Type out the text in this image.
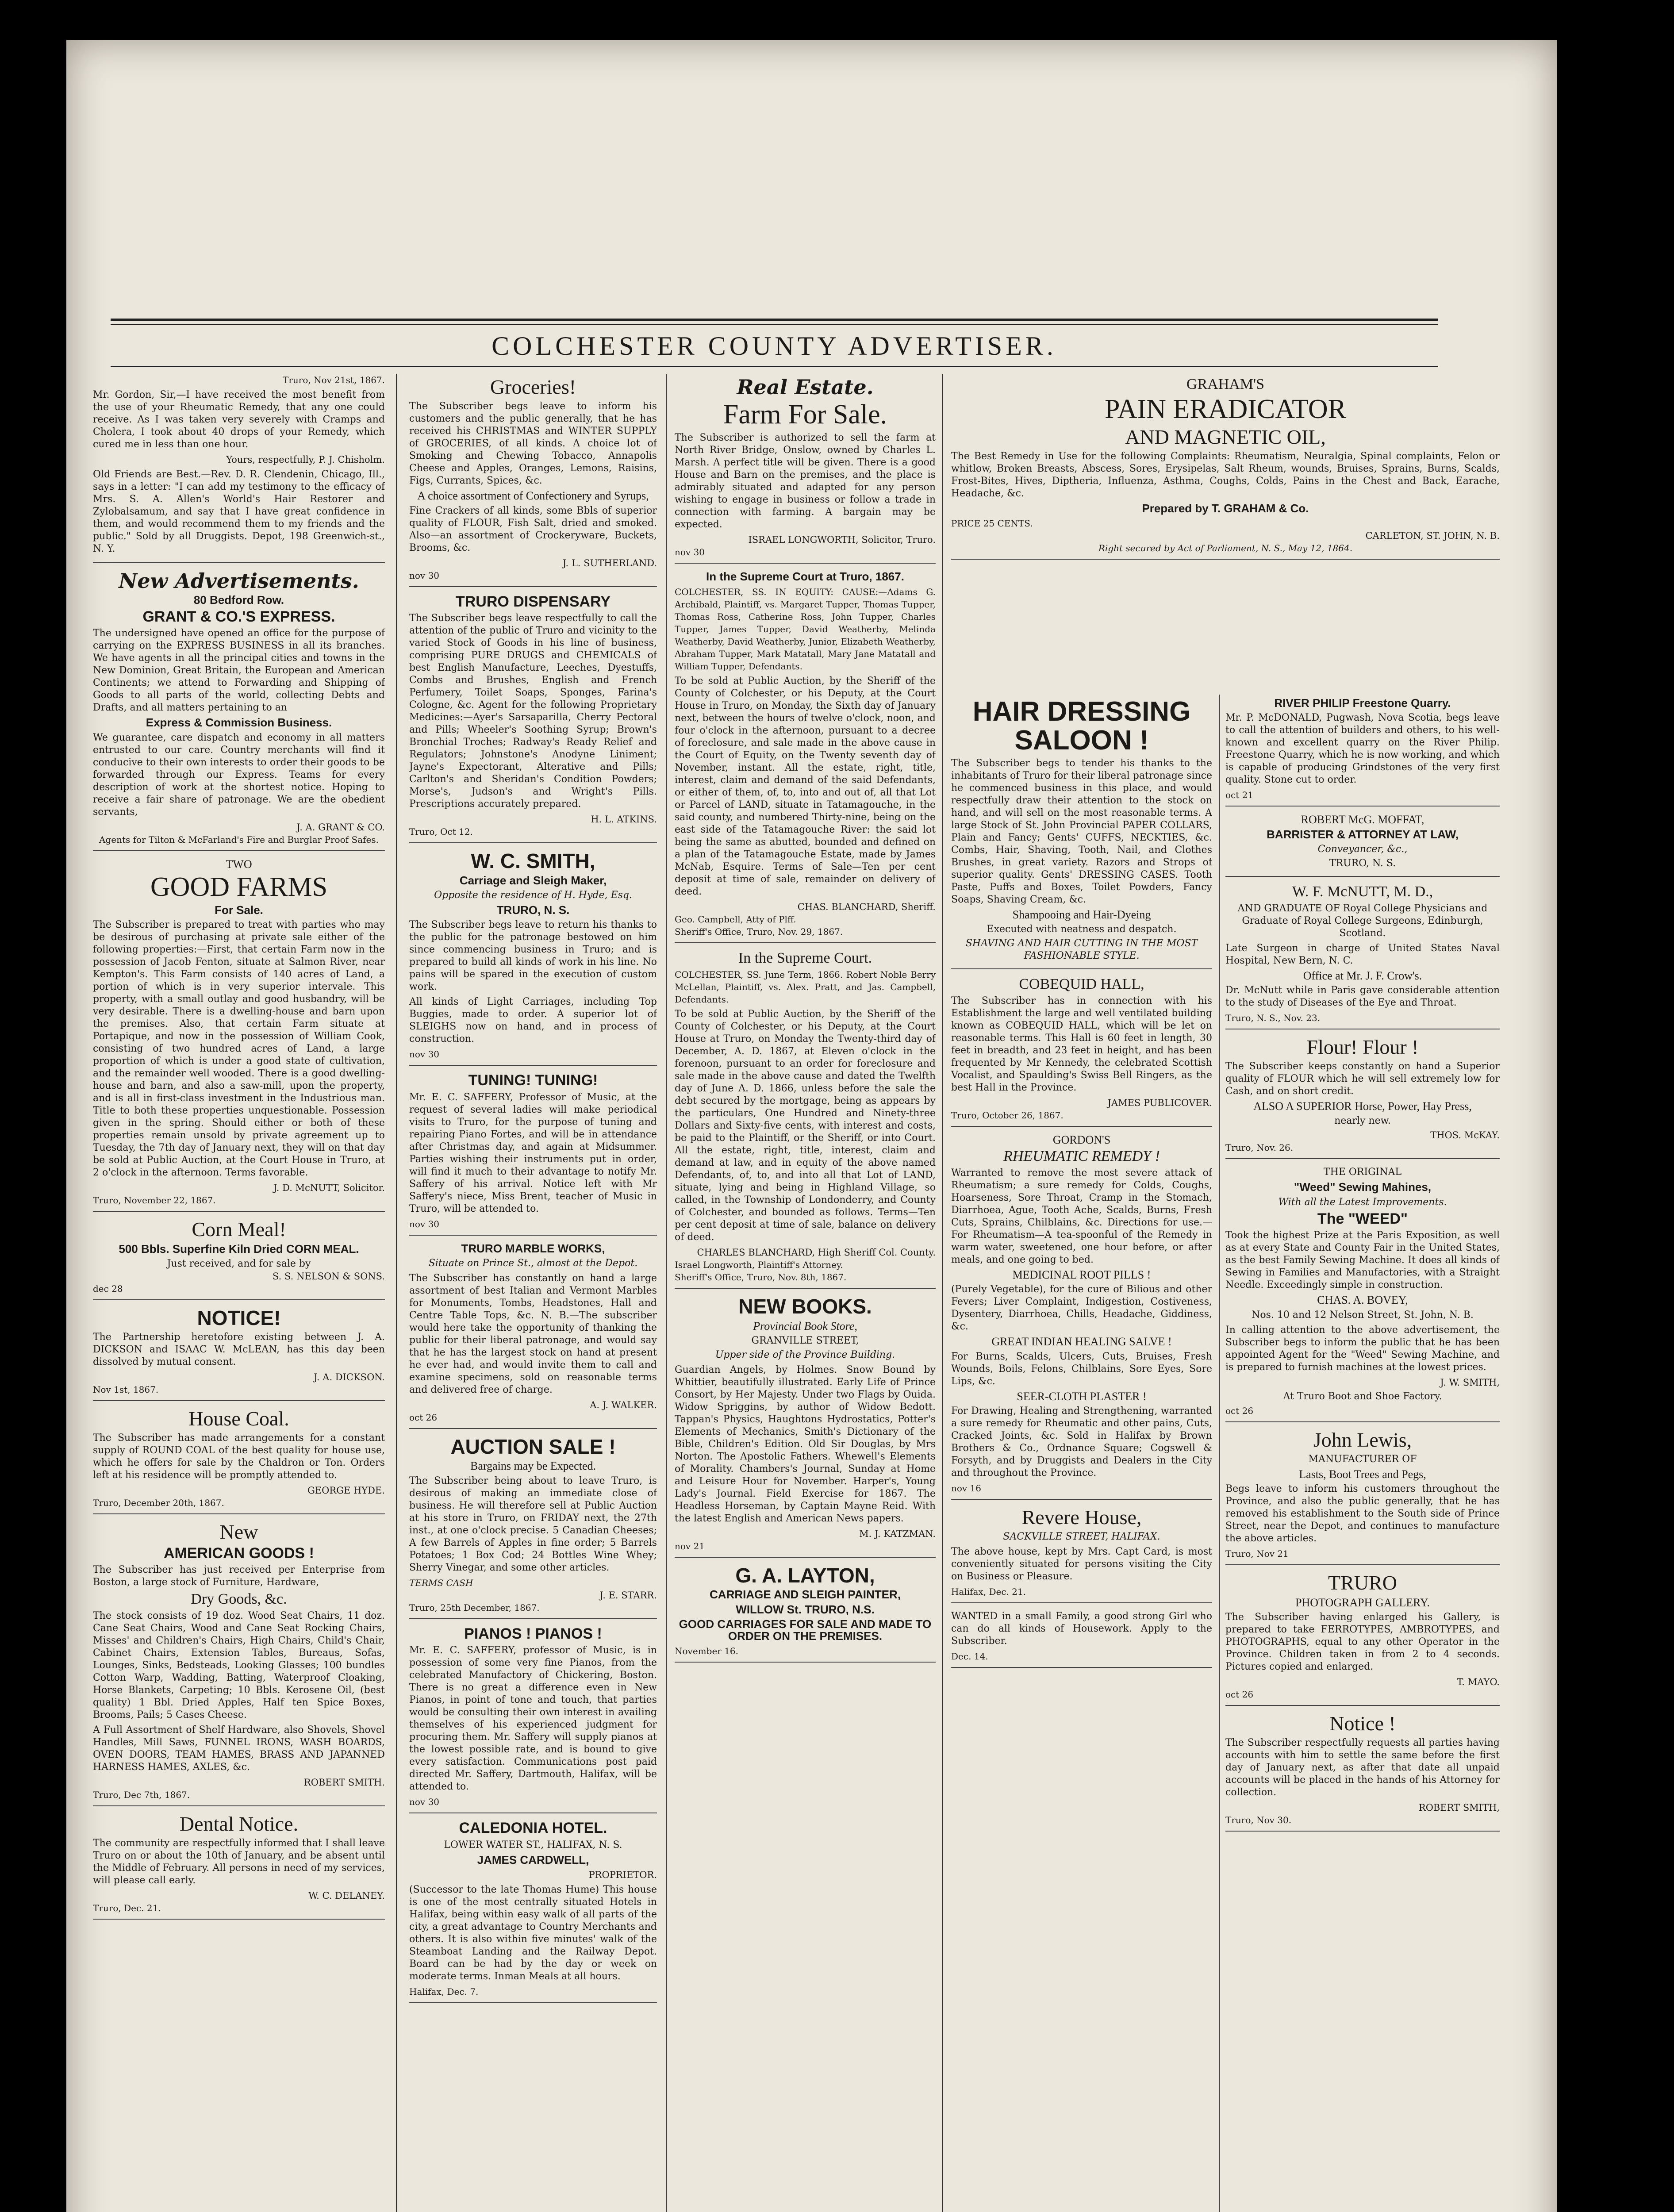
COLCHESTER COUNTY ADVERTISER.
Truro, Nov 21st, 1867.
Mr. Gordon, Sir,—I have received the most benefit from the use of your Rheumatic Remedy, that any one could receive. As I was taken very severely with Cramps and Cholera, I took about 40 drops of your Remedy, which cured me in less than one hour.
Yours, respectfully, P. J. Chisholm.
Old Friends are Best.—Rev. D. R. Clendenin, Chicago, Ill., says in a letter: "I can add my testimony to the efficacy of Mrs. S. A. Allen's World's Hair Restorer and Zylobalsamum, and say that I have great confidence in them, and would recommend them to my friends and the public." Sold by all Druggists. Depot, 198 Greenwich-st., N. Y.
New Advertisements.
80 Bedford Row.
GRANT & CO.'S EXPRESS.
The undersigned have opened an office for the purpose of carrying on the EXPRESS BUSINESS in all its branches. We have agents in all the principal cities and towns in the New Dominion, Great Britain, the European and American Continents; we attend to Forwarding and Shipping of Goods to all parts of the world, collecting Debts and Drafts, and all matters pertaining to an
Express & Commission Business.
We guarantee, care dispatch and economy in all matters entrusted to our care. Country merchants will find it conducive to their own interests to order their goods to be forwarded through our Express. Teams for every description of work at the shortest notice. Hoping to receive a fair share of patronage. We are the obedient servants,
J. A. GRANT & CO.
Agents for Tilton & McFarland's Fire and Burglar Proof Safes.
TWO
GOOD FARMS
For Sale.
The Subscriber is prepared to treat with parties who may be desirous of purchasing at private sale either of the following properties:—First, that certain Farm now in the possession of Jacob Fenton, situate at Salmon River, near Kempton's. This Farm consists of 140 acres of Land, a portion of which is in very superior intervale. This property, with a small outlay and good husbandry, will be very desirable. There is a dwelling-house and barn upon the premises. Also, that certain Farm situate at Portapique, and now in the possession of William Cook, consisting of two hundred acres of Land, a large proportion of which is under a good state of cultivation, and the remainder well wooded. There is a good dwelling-house and barn, and also a saw-mill, upon the property, and is all in first-class investment in the Industrious man. Title to both these properties unquestionable. Possession given in the spring. Should either or both of these properties remain unsold by private agreement up to Tuesday, the 7th day of January next, they will on that day be sold at Public Auction, at the Court House in Truro, at 2 o'clock in the afternoon. Terms favorable.
J. D. McNUTT, Solicitor.
Truro, November 22, 1867.
Corn Meal!
500 Bbls. Superfine Kiln Dried CORN MEAL.
Just received, and for sale by
S. S. NELSON & SONS.
dec 28
NOTICE!
The Partnership heretofore existing between J. A. DICKSON and ISAAC W. McLEAN, has this day been dissolved by mutual consent.
J. A. DICKSON.
Nov 1st, 1867.
House Coal.
The Subscriber has made arrangements for a constant supply of ROUND COAL of the best quality for house use, which he offers for sale by the Chaldron or Ton. Orders left at his residence will be promptly attended to.
GEORGE HYDE.
Truro, December 20th, 1867.
New
AMERICAN GOODS !
The Subscriber has just received per Enterprise from Boston, a large stock of Furniture, Hardware,
Dry Goods, &c.
The stock consists of 19 doz. Wood Seat Chairs, 11 doz. Cane Seat Chairs, Wood and Cane Seat Rocking Chairs, Misses' and Children's Chairs, High Chairs, Child's Chair, Cabinet Chairs, Extension Tables, Bureaus, Sofas, Lounges, Sinks, Bedsteads, Looking Glasses; 100 bundles Cotton Warp, Wadding, Batting, Waterproof Cloaking, Horse Blankets, Carpeting; 10 Bbls. Kerosene Oil, (best quality) 1 Bbl. Dried Apples, Half ten Spice Boxes, Brooms, Pails; 5 Cases Cheese.
A Full Assortment of Shelf Hardware, also Shovels, Shovel Handles, Mill Saws, FUNNEL IRONS, WASH BOARDS, OVEN DOORS, TEAM HAMES, BRASS AND JAPANNED HARNESS HAMES, AXLES, &c.
ROBERT SMITH.
Truro, Dec 7th, 1867.
Dental Notice.
The community are respectfully informed that I shall leave Truro on or about the 10th of January, and be absent until the Middle of February. All persons in need of my services, will please call early.
W. C. DELANEY.
Truro, Dec. 21.
Groceries!
The Subscriber begs leave to inform his customers and the public generally, that he has received his CHRISTMAS and WINTER SUPPLY of GROCERIES, of all kinds. A choice lot of Smoking and Chewing Tobacco, Annapolis Cheese and Apples, Oranges, Lemons, Raisins, Figs, Currants, Spices, &c.
A choice assortment of Confectionery and Syrups,
Fine Crackers of all kinds, some Bbls of superior quality of FLOUR, Fish Salt, dried and smoked. Also—an assortment of Crockeryware, Buckets, Brooms, &c.
J. L. SUTHERLAND.
nov 30
TRURO DISPENSARY
The Subscriber begs leave respectfully to call the attention of the public of Truro and vicinity to the varied Stock of Goods in his line of business, comprising PURE DRUGS and CHEMICALS of best English Manufacture, Leeches, Dyestuffs, Combs and Brushes, English and French Perfumery, Toilet Soaps, Sponges, Farina's Cologne, &c. Agent for the following Proprietary Medicines:—Ayer's Sarsaparilla, Cherry Pectoral and Pills; Wheeler's Soothing Syrup; Brown's Bronchial Troches; Radway's Ready Relief and Regulators; Johnstone's Anodyne Liniment; Jayne's Expectorant, Alterative and Pills; Carlton's and Sheridan's Condition Powders; Morse's, Judson's and Wright's Pills. Prescriptions accurately prepared.
H. L. ATKINS.
Truro, Oct 12.
W. C. SMITH,
Carriage and Sleigh Maker,
Opposite the residence of H. Hyde, Esq.
TRURO, N. S.
The Subscriber begs leave to return his thanks to the public for the patronage bestowed on him since commencing business in Truro; and is prepared to build all kinds of work in his line. No pains will be spared in the execution of custom work.
All kinds of Light Carriages, including Top Buggies, made to order. A superior lot of SLEIGHS now on hand, and in process of construction.
nov 30
TUNING! TUNING!
Mr. E. C. SAFFERY, Professor of Music, at the request of several ladies will make periodical visits to Truro, for the purpose of tuning and repairing Piano Fortes, and will be in attendance after Christmas day, and again at Midsummer. Parties wishing their instruments put in order, will find it much to their advantage to notify Mr. Saffery of his arrival. Notice left with Mr Saffery's niece, Miss Brent, teacher of Music in Truro, will be attended to.
nov 30
TRURO MARBLE WORKS,
Situate on Prince St., almost at the Depot.
The Subscriber has constantly on hand a large assortment of best Italian and Vermont Marbles for Monuments, Tombs, Headstones, Hall and Centre Table Tops, &c. N. B.—The subscriber would here take the opportunity of thanking the public for their liberal patronage, and would say that he has the largest stock on hand at present he ever had, and would invite them to call and examine specimens, sold on reasonable terms and delivered free of charge.
A. J. WALKER.
oct 26
AUCTION SALE !
Bargains may be Expected.
The Subscriber being about to leave Truro, is desirous of making an immediate close of business. He will therefore sell at Public Auction at his store in Truro, on FRIDAY next, the 27th inst., at one o'clock precise. 5 Canadian Cheeses; A few Barrels of Apples in fine order; 5 Barrels Potatoes; 1 Box Cod; 24 Bottles Wine Whey; Sherry Vinegar, and some other articles.
TERMS CASH
J. E. STARR.
Truro, 25th December, 1867.
PIANOS ! PIANOS !
Mr. E. C. SAFFERY, professor of Music, is in possession of some very fine Pianos, from the celebrated Manufactory of Chickering, Boston. There is no great a difference even in New Pianos, in point of tone and touch, that parties would be consulting their own interest in availing themselves of his experienced judgment for procuring them. Mr. Saffery will supply pianos at the lowest possible rate, and is bound to give every satisfaction. Communications post paid directed Mr. Saffery, Dartmouth, Halifax, will be attended to.
nov 30
CALEDONIA HOTEL.
LOWER WATER ST., HALIFAX, N. S.
JAMES CARDWELL,
PROPRIETOR.
(Successor to the late Thomas Hume) This house is one of the most centrally situated Hotels in Halifax, being within easy walk of all parts of the city, a great advantage to Country Merchants and others. It is also within five minutes' walk of the Steamboat Landing and the Railway Depot. Board can be had by the day or week on moderate terms. Inman Meals at all hours.
Halifax, Dec. 7.
Real Estate.
Farm For Sale.
The Subscriber is authorized to sell the farm at North River Bridge, Onslow, owned by Charles L. Marsh. A perfect title will be given. There is a good House and Barn on the premises, and the place is admirably situated and adapted for any person wishing to engage in business or follow a trade in connection with farming. A bargain may be expected.
ISRAEL LONGWORTH, Solicitor, Truro.
nov 30
In the Supreme Court at Truro, 1867.
COLCHESTER, SS. IN EQUITY: CAUSE:—Adams G. Archibald, Plaintiff, vs. Margaret Tupper, Thomas Tupper, Thomas Ross, Catherine Ross, John Tupper, Charles Tupper, James Tupper, David Weatherby, Melinda Weatherby, David Weatherby, Junior, Elizabeth Weatherby, Abraham Tupper, Mark Matatall, Mary Jane Matatall and William Tupper, Defendants.
To be sold at Public Auction, by the Sheriff of the County of Colchester, or his Deputy, at the Court House in Truro, on Monday, the Sixth day of January next, between the hours of twelve o'clock, noon, and four o'clock in the afternoon, pursuant to a decree of foreclosure, and sale made in the above cause in the Court of Equity, on the Twenty seventh day of November, instant. All the estate, right, title, interest, claim and demand of the said Defendants, or either of them, of, to, into and out of, all that Lot or Parcel of LAND, situate in Tatamagouche, in the said county, and numbered Thirty-nine, being on the east side of the Tatamagouche River: the said lot being the same as abutted, bounded and defined on a plan of the Tatamagouche Estate, made by James McNab, Esquire. Terms of Sale—Ten per cent deposit at time of sale, remainder on delivery of deed.
CHAS. BLANCHARD, Sheriff.
Geo. Campbell, Atty of Plff.
Sheriff's Office, Truro, Nov. 29, 1867.
In the Supreme Court.
COLCHESTER, SS. June Term, 1866. Robert Noble Berry McLellan, Plaintiff, vs. Alex. Pratt, and Jas. Campbell, Defendants.
To be sold at Public Auction, by the Sheriff of the County of Colchester, or his Deputy, at the Court House at Truro, on Monday the Twenty-third day of December, A. D. 1867, at Eleven o'clock in the forenoon, pursuant to an order for foreclosure and sale made in the above cause and dated the Twelfth day of June A. D. 1866, unless before the sale the debt secured by the mortgage, being as appears by the particulars, One Hundred and Ninety-three Dollars and Sixty-five cents, with interest and costs, be paid to the Plaintiff, or the Sheriff, or into Court. All the estate, right, title, interest, claim and demand at law, and in equity of the above named Defendants, of, to, and into all that Lot of LAND, situate, lying and being in Highland Village, so called, in the Township of Londonderry, and County of Colchester, and bounded as follows. Terms—Ten per cent deposit at time of sale, balance on delivery of deed.
CHARLES BLANCHARD, High Sheriff Col. County.
Israel Longworth, Plaintiff's Attorney.
Sheriff's Office, Truro, Nov. 8th, 1867.
NEW BOOKS.
Provincial Book Store,
GRANVILLE STREET,
Upper side of the Province Building.
Guardian Angels, by Holmes. Snow Bound by Whittier, beautifully illustrated. Early Life of Prince Consort, by Her Majesty. Under two Flags by Ouida. Widow Spriggins, by author of Widow Bedott. Tappan's Physics, Haughtons Hydrostatics, Potter's Elements of Mechanics, Smith's Dictionary of the Bible, Children's Edition. Old Sir Douglas, by Mrs Norton. The Apostolic Fathers. Whewell's Elements of Morality. Chambers's Journal, Sunday at Home and Leisure Hour for November. Harper's, Young Lady's Journal. Field Exercise for 1867. The Headless Horseman, by Captain Mayne Reid. With the latest English and American News papers.
M. J. KATZMAN.
nov 21
G. A. LAYTON,
CARRIAGE AND SLEIGH PAINTER,
WILLOW St. TRURO, N.S.
GOOD CARRIAGES FOR SALE AND MADE TO ORDER ON THE PREMISES.
November 16.
GRAHAM'S
PAIN ERADICATOR
AND MAGNETIC OIL,
The Best Remedy in Use for the following Complaints: Rheumatism, Neuralgia, Spinal complaints, Felon or whitlow, Broken Breasts, Abscess, Sores, Erysipelas, Salt Rheum, wounds, Bruises, Sprains, Burns, Scalds, Frost-Bites, Hives, Diptheria, Influenza, Asthma, Coughs, Colds, Pains in the Chest and Back, Earache, Headache, &c.
Prepared by T. GRAHAM & Co.
PRICE 25 CENTS.
CARLETON, ST. JOHN, N. B.
Right secured by Act of Parliament, N. S., May 12, 1864.
HAIR DRESSING SALOON !
The Subscriber begs to tender his thanks to the inhabitants of Truro for their liberal patronage since he commenced business in this place, and would respectfully draw their attention to the stock on hand, and will sell on the most reasonable terms. A large Stock of St. John Provincial PAPER COLLARS, Plain and Fancy; Gents' CUFFS, NECKTIES, &c. Combs, Hair, Shaving, Tooth, Nail, and Clothes Brushes, in great variety. Razors and Strops of superior quality. Gents' DRESSING CASES. Tooth Paste, Puffs and Boxes, Toilet Powders, Fancy Soaps, Shaving Cream, &c.
Shampooing and Hair-Dyeing
Executed with neatness and despatch.
SHAVING AND HAIR CUTTING IN THE MOST FASHIONABLE STYLE.
COBEQUID HALL,
The Subscriber has in connection with his Establishment the large and well ventilated building known as COBEQUID HALL, which will be let on reasonable terms. This Hall is 60 feet in length, 30 feet in breadth, and 23 feet in height, and has been frequented by Mr Kennedy, the celebrated Scottish Vocalist, and Spaulding's Swiss Bell Ringers, as the best Hall in the Province.
JAMES PUBLICOVER.
Truro, October 26, 1867.
GORDON'S
RHEUMATIC REMEDY !
Warranted to remove the most severe attack of Rheumatism; a sure remedy for Colds, Coughs, Hoarseness, Sore Throat, Cramp in the Stomach, Diarrhoea, Ague, Tooth Ache, Scalds, Burns, Fresh Cuts, Sprains, Chilblains, &c. Directions for use.—For Rheumatism—A tea-spoonful of the Remedy in warm water, sweetened, one hour before, or after meals, and one going to bed.
MEDICINAL ROOT PILLS !
(Purely Vegetable), for the cure of Bilious and other Fevers; Liver Complaint, Indigestion, Costiveness, Dysentery, Diarrhoea, Chills, Headache, Giddiness, &c.
GREAT INDIAN HEALING SALVE !
For Burns, Scalds, Ulcers, Cuts, Bruises, Fresh Wounds, Boils, Felons, Chilblains, Sore Eyes, Sore Lips, &c.
SEER-CLOTH PLASTER !
For Drawing, Healing and Strengthening, warranted a sure remedy for Rheumatic and other pains, Cuts, Cracked Joints, &c. Sold in Halifax by Brown Brothers & Co., Ordnance Square; Cogswell & Forsyth, and by Druggists and Dealers in the City and throughout the Province.
nov 16
Revere House,
SACKVILLE STREET, HALIFAX.
The above house, kept by Mrs. Capt Card, is most conveniently situated for persons visiting the City on Business or Pleasure.
Halifax, Dec. 21.
WANTED in a small Family, a good strong Girl who can do all kinds of Housework. Apply to the Subscriber.
Dec. 14.
RIVER PHILIP Freestone Quarry.
Mr. P. McDONALD, Pugwash, Nova Scotia, begs leave to call the attention of builders and others, to his well-known and excellent quarry on the River Philip. Freestone Quarry, which he is now working, and which is capable of producing Grindstones of the very first quality. Stone cut to order.
oct 21
ROBERT McG. MOFFAT,
BARRISTER & ATTORNEY AT LAW,
Conveyancer, &c.,
TRURO, N. S.
W. F. McNUTT, M. D.,
AND GRADUATE OF Royal College Physicians and Graduate of Royal College Surgeons, Edinburgh, Scotland.
Late Surgeon in charge of United States Naval Hospital, New Bern, N. C.
Office at Mr. J. F. Crow's.
Dr. McNutt while in Paris gave considerable attention to the study of Diseases of the Eye and Throat.
Truro, N. S., Nov. 23.
Flour! Flour !
The Subscriber keeps constantly on hand a Superior quality of FLOUR which he will sell extremely low for Cash, and on short credit.
ALSO A SUPERIOR Horse, Power, Hay Press,
nearly new.
THOS. McKAY.
Truro, Nov. 26.
THE ORIGINAL
"Weed" Sewing Mahines,
With all the Latest Improvements.
The "WEED"
Took the highest Prize at the Paris Exposition, as well as at every State and County Fair in the United States, as the best Family Sewing Machine. It does all kinds of Sewing in Families and Manufactories, with a Straight Needle. Exceedingly simple in construction.
CHAS. A. BOVEY,
Nos. 10 and 12 Nelson Street, St. John, N. B.
In calling attention to the above advertisement, the Subscriber begs to inform the public that he has been appointed Agent for the "Weed" Sewing Machine, and is prepared to furnish machines at the lowest prices.
J. W. SMITH,
At Truro Boot and Shoe Factory.
oct 26
John Lewis,
MANUFACTURER OF
Lasts, Boot Trees and Pegs,
Begs leave to inform his customers throughout the Province, and also the public generally, that he has removed his establishment to the South side of Prince Street, near the Depot, and continues to manufacture the above articles.
Truro, Nov 21
TRURO
PHOTOGRAPH GALLERY.
The Subscriber having enlarged his Gallery, is prepared to take FERROTYPES, AMBROTYPES, and PHOTOGRAPHS, equal to any other Operator in the Province. Children taken in from 2 to 4 seconds. Pictures copied and enlarged.
T. MAYO.
oct 26
Notice !
The Subscriber respectfully requests all parties having accounts with him to settle the same before the first day of January next, as after that date all unpaid accounts will be placed in the hands of his Attorney for collection.
ROBERT SMITH,
Truro, Nov 30.
